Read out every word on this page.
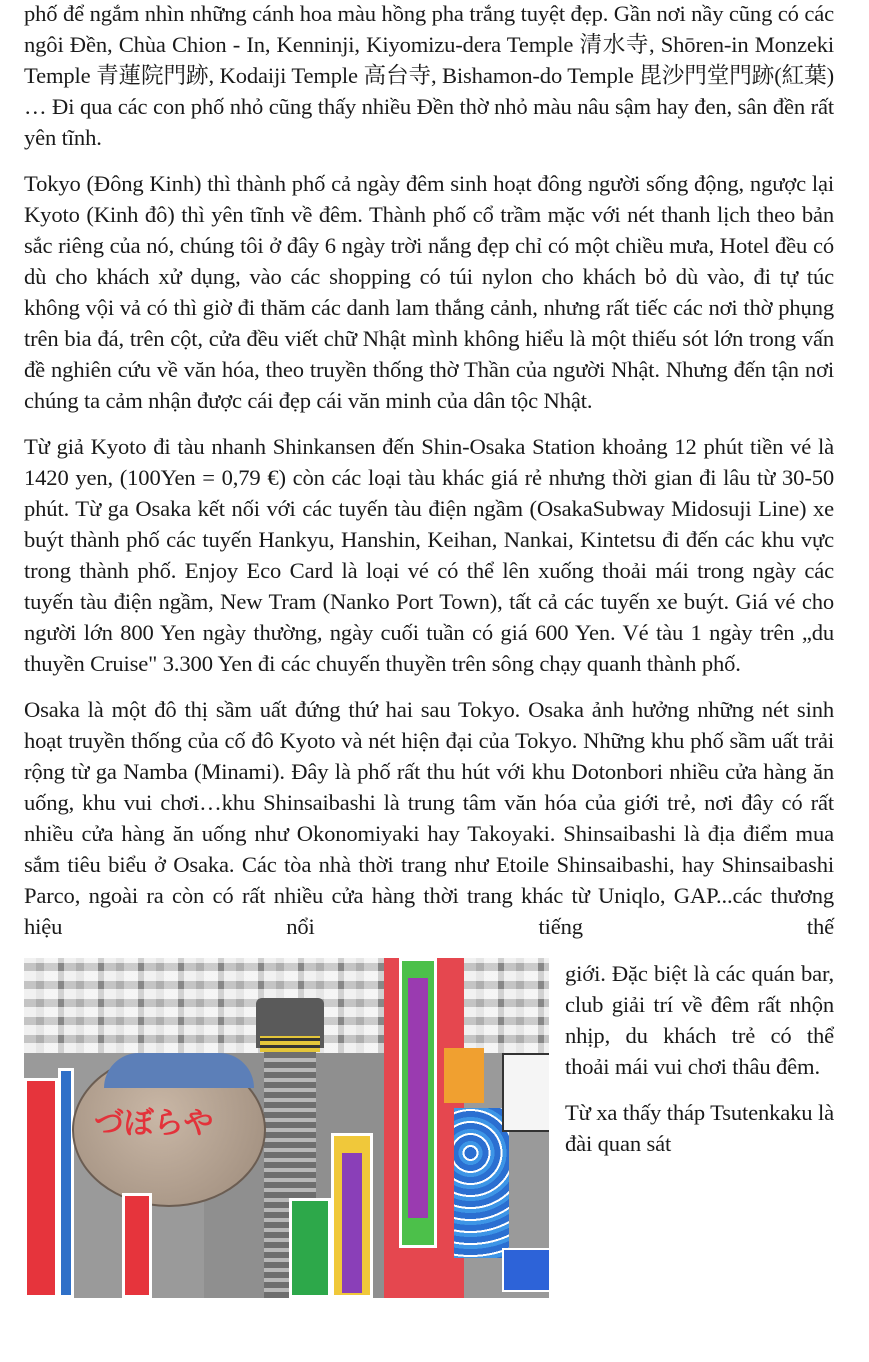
phố để ngắm nhìn những cánh hoa màu hồng pha trắng tuyệt đẹp. Gần nơi nầy cũng có các ngôi Đền, Chùa Chion - In, Kenninji, Kiyomizu-dera Temple 清水寺, Shōren-in Monzeki Temple 青蓮院門跡, Kodaiji Temple 高台寺, Bishamon-do Temple 毘沙門堂門跡(紅葉) … Đi qua các con phố nhỏ cũng thấy nhiều Đền thờ nhỏ màu nâu sậm hay đen, sân đền rất yên tĩnh.

Tokyo (Đông Kinh) thì thành phố cả ngày đêm sinh hoạt đông người sống động, ngược lại Kyoto (Kinh đô) thì yên tĩnh về đêm. Thành phố cổ trầm mặc với nét thanh lịch theo bản sắc riêng của nó, chúng tôi ở đây 6 ngày trời nắng đẹp chỉ có một chiều mưa, Hotel đều có dù cho khách xử dụng, vào các shopping có túi nylon cho khách bỏ dù vào, đi tự túc không vội vả có thì giờ đi thăm các danh lam thắng cảnh, nhưng rất tiếc các nơi thờ phụng trên bia đá, trên cột, cửa đều viết chữ Nhật mình không hiểu là một thiếu sót lớn trong vấn đề nghiên cứu về văn hóa, theo truyền thống thờ Thần của người Nhật. Nhưng đến tận nơi chúng ta cảm nhận được cái đẹp cái văn minh của dân tộc Nhật.

Từ giả Kyoto đi tàu nhanh Shinkansen đến Shin-Osaka Station khoảng 12 phút tiền vé là 1420 yen, (100Yen = 0,79 €) còn các loại tàu khác giá rẻ nhưng thời gian đi lâu từ 30-50 phút. Từ ga Osaka kết nối với các tuyến tàu điện ngầm (OsakaSubway Midosuji Line) xe buýt thành phố các tuyến Hankyu, Hanshin, Keihan, Nankai, Kintetsu đi đến các khu vực trong thành phố. Enjoy Eco Card là loại vé có thể lên xuống thoải mái trong ngày các tuyến tàu điện ngầm, New Tram (Nanko Port Town), tất cả các tuyến xe buýt. Giá vé cho người lớn 800 Yen ngày thường, ngày cuối tuần có giá 600 Yen. Vé tàu 1 ngày trên „du thuyền Cruise" 3.300 Yen đi các chuyến thuyền trên sông chạy quanh thành phố.

Osaka là một đô thị sầm uất đứng thứ hai sau Tokyo. Osaka ảnh hưởng những nét sinh hoạt truyền thống của cố đô Kyoto và nét hiện đại của Tokyo. Những khu phố sầm uất trải rộng từ ga Namba (Minami). Đây là phố rất thu hút với khu Dotonbori nhiều cửa hàng ăn uống, khu vui chơi…khu Shinsaibashi là trung tâm văn hóa của giới trẻ, nơi đây có rất nhiều cửa hàng ăn uống như Okonomiyaki hay Takoyaki. Shinsaibashi là địa điểm mua sắm tiêu biểu ở Osaka. Các tòa nhà thời trang như Etoile Shinsaibashi, hay Shinsaibashi Parco, ngoài ra còn có rất nhiều cửa hàng thời trang khác từ Uniqlo, GAP...các thương hiệu nổi tiếng thế

づぼらや

giới. Đặc biệt là các quán bar, club giải trí về đêm rất nhộn nhịp, du khách trẻ có thể thoải mái vui chơi thâu đêm.

Từ xa thấy tháp Tsutenkaku là đài quan sát
